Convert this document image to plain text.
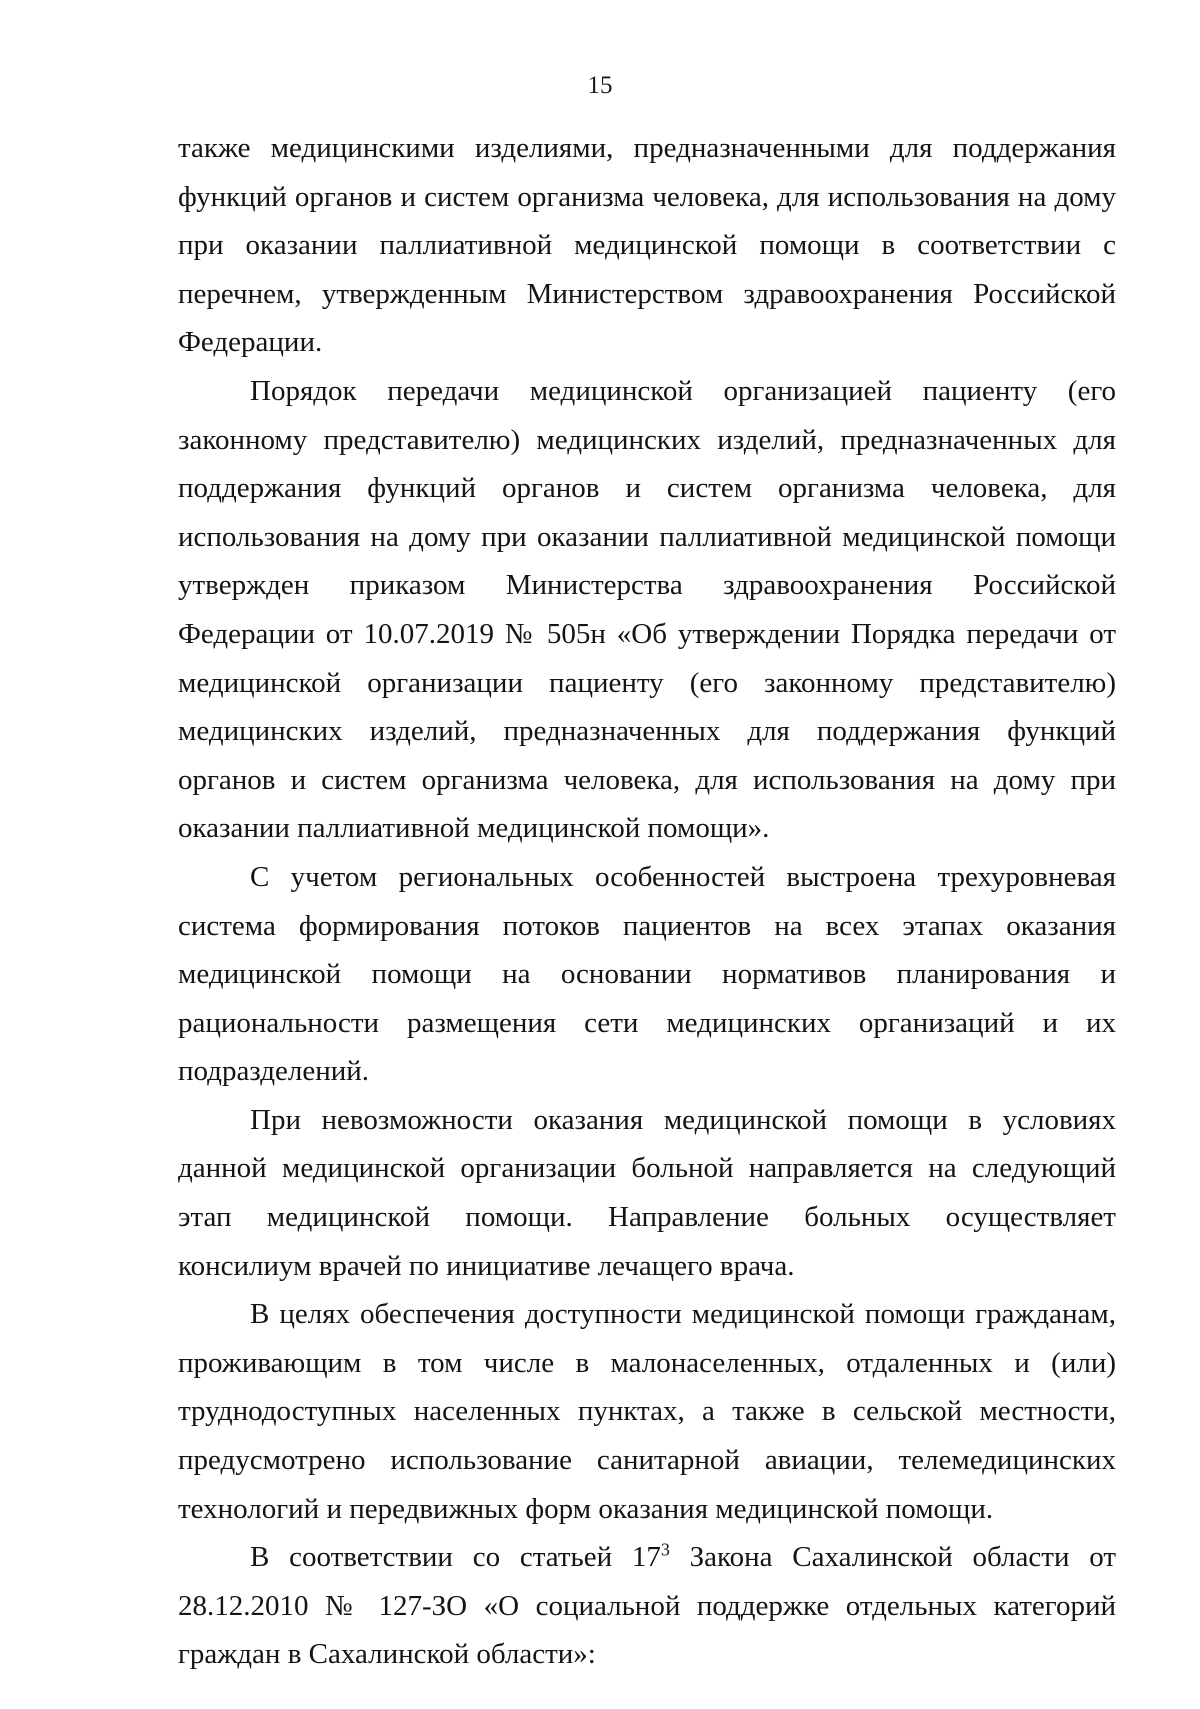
15

также медицинскими изделиями, предназначенными для поддержания функций органов и систем организма человека, для использования на дому при оказании паллиативной медицинской помощи в соответствии с перечнем, утвержденным Министерством здравоохранения Российской Федерации.

Порядок передачи медицинской организацией пациенту (его законному представителю) медицинских изделий, предназначенных для поддержания функций органов и систем организма человека, для использования на дому при оказании паллиативной медицинской помощи утвержден приказом Министерства здравоохранения Российской Федерации от 10.07.2019 № 505н «Об утверждении Порядка передачи от медицинской организации пациенту (его законному представителю) медицинских изделий, предназначенных для поддержания функций органов и систем организма человека, для использования на дому при оказании паллиативной медицинской помощи».

С учетом региональных особенностей выстроена трехуровневая система формирования потоков пациентов на всех этапах оказания медицинской помощи на основании нормативов планирования и рациональности размещения сети медицинских организаций и их подразделений.

При невозможности оказания медицинской помощи в условиях данной медицинской организации больной направляется на следующий этап медицинской помощи. Направление больных осуществляет консилиум врачей по инициативе лечащего врача.

В целях обеспечения доступности медицинской помощи гражданам, проживающим в том числе в малонаселенных, отдаленных и (или) труднодоступных населенных пунктах, а также в сельской местности, предусмотрено использование санитарной авиации, телемедицинских технологий и передвижных форм оказания медицинской помощи.

В соответствии со статьей $17^3$ Закона Сахалинской области от 28.12.2010 № 127-ЗО «О социальной поддержке отдельных категорий граждан в Сахалинской области»:
